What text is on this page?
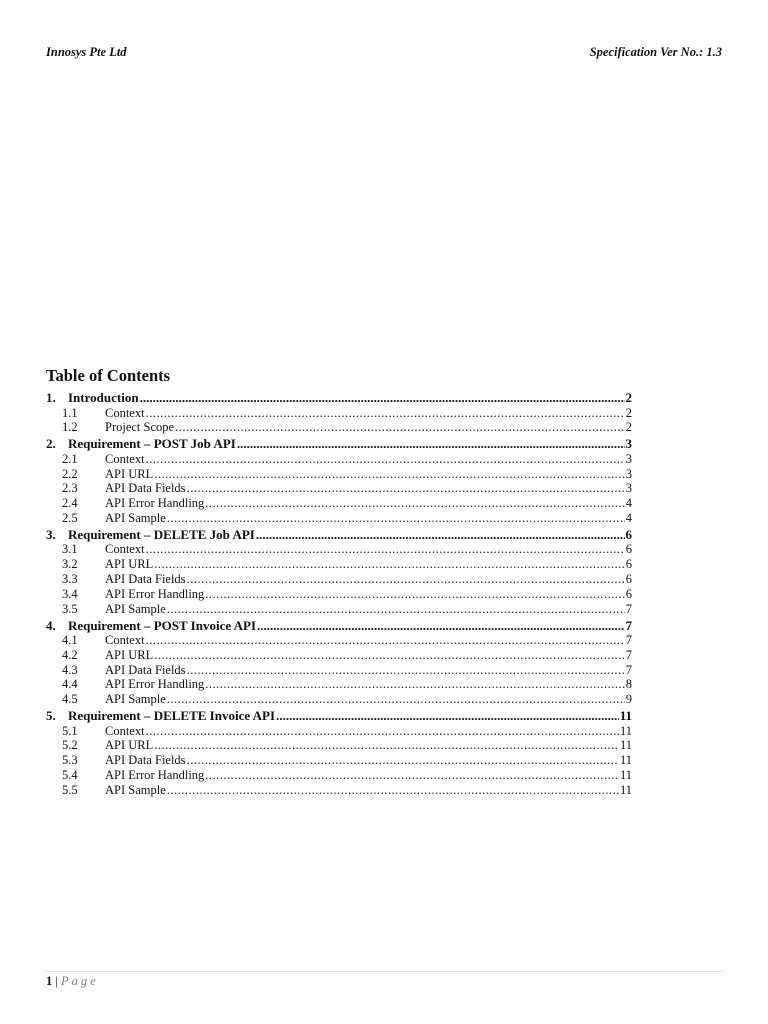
Innosys Pte Ltd	Specification Ver No.: 1.3
Table of Contents
1. Introduction .....	2
1.1	Context .....	2
1.2	Project Scope .....	2
2. Requirement – POST Job API .....	3
2.1	Context .....	3
2.2	API URL .....	3
2.3	API Data Fields .....	3
2.4	API Error Handling .....	4
2.5	API Sample .....	4
3. Requirement – DELETE Job API .....	6
3.1	Context .....	6
3.2	API URL .....	6
3.3	API Data Fields .....	6
3.4	API Error Handling .....	6
3.5	API Sample .....	7
4. Requirement – POST Invoice API .....	7
4.1	Context .....	7
4.2	API URL .....	7
4.3	API Data Fields .....	7
4.4	API Error Handling .....	8
4.5	API Sample .....	9
5. Requirement – DELETE Invoice API .....	11
5.1	Context .....	11
5.2	API URL .....	11
5.3	API Data Fields .....	11
5.4	API Error Handling .....	11
5.5	API Sample .....	11
1 | Page
